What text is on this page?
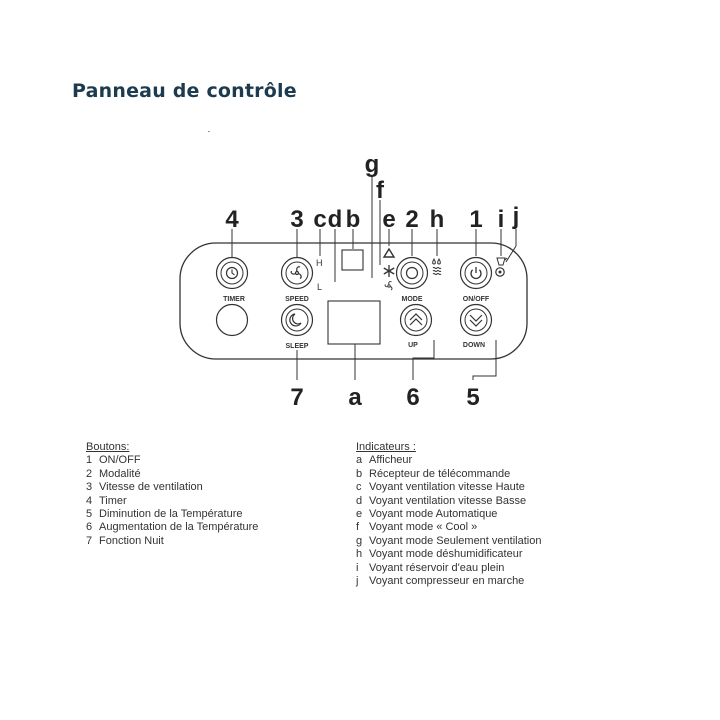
Panneau de contrôle
H
L
TIMER	SPEED	MODE	ON/OFF
SLEEP	UP	DOWN
4 3 c d b
g
f
e 2 h 1 i j
7 a 6 5
Boutons:
1 ON/OFF
2 Modalité
3 Vitesse de ventilation
4 Timer
5 Diminution de la Température
6 Augmentation de la Température
7 Fonction Nuit
Indicateurs :
a Afficheur
b Récepteur de télécommande
c Voyant ventilation vitesse Haute
d Voyant ventilation vitesse Basse
e Voyant mode Automatique
f Voyant mode « Cool »
g Voyant mode Seulement ventilation
h Voyant mode déshumidificateur
i Voyant réservoir d'eau plein
j Voyant compresseur en marche
